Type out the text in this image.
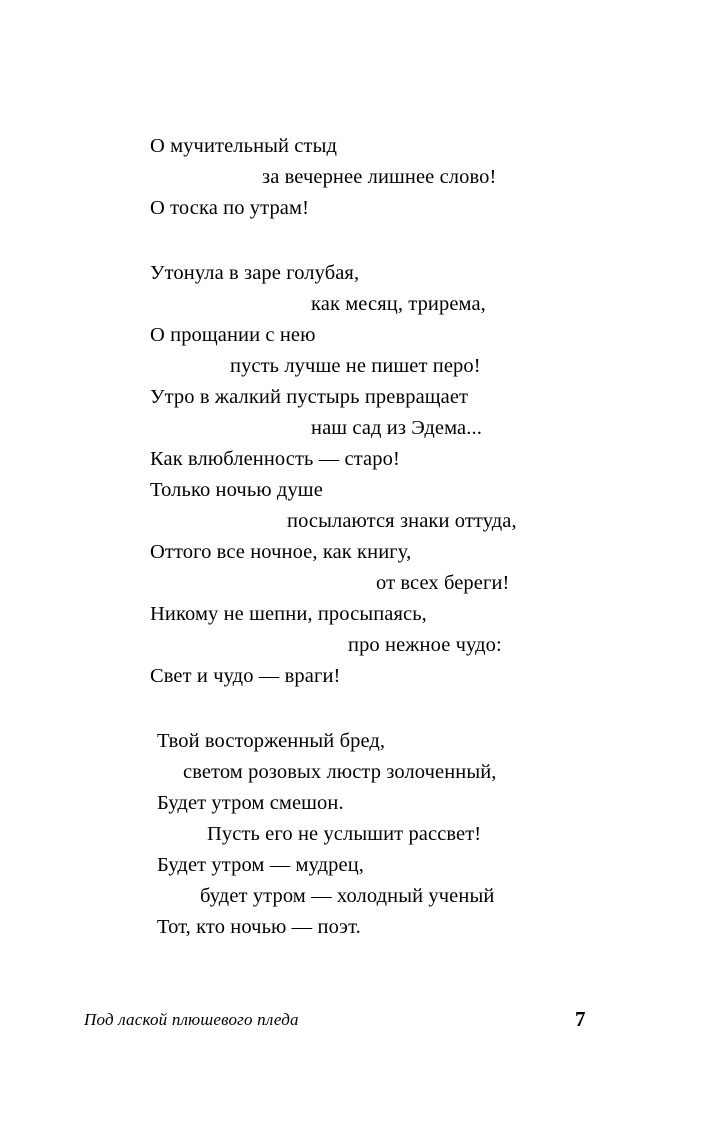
О мучительный стыд
за вечернее лишнее слово!
О тоска по утрам!
Утонула в заре голубая,
как месяц, трирема,
О прощании с нею
пусть лучше не пишет перо!
Утро в жалкий пустырь превращает
наш сад из Эдема...
Как влюбленность — старо!
Только ночью душе
посылаются знаки оттуда,
Оттого все ночное, как книгу,
от всех береги!
Никому не шепни, просыпаясь,
про нежное чудо:
Свет и чудо — враги!
Твой восторженный бред,
светом розовых люстр золоченный,
Будет утром смешон.
Пусть его не услышит рассвет!
Будет утром — мудрец,
будет утром — холодный ученый
Тот, кто ночью — поэт.
Под лаской плюшевого пледа	7
